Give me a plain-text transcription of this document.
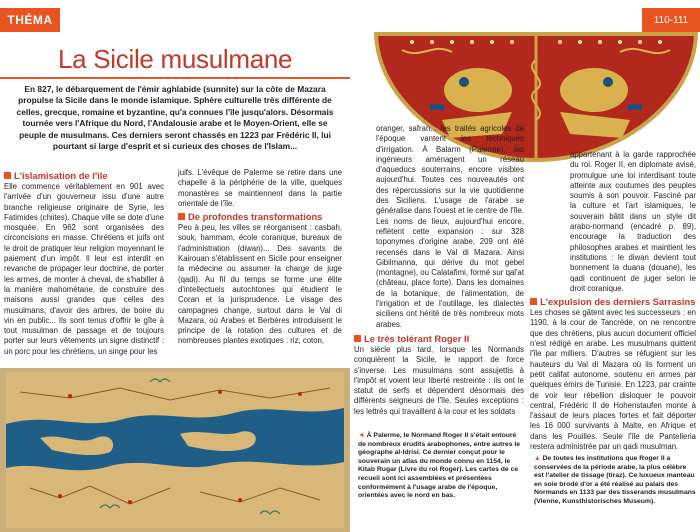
THÉMA
La Sicile musulmane

En 827, le débarquement de l'émir aghlabide (sunnite) sur la côte de Mazara propulse la Sicile dans le monde islamique. Sphère culturelle très différente de celles, grecque, romaine et byzantine, qu'a connues l'île jusqu'alors. Désormais tournée vers l'Afrique du Nord, l'Andalousie arabe et le Moyen-Orient, elle se peuple de musulmans. Ces derniers seront chassés en 1223 par Frédéric II, lui pourtant si large d'esprit et si curieux des choses de l'Islam...

L'islamisation de l'île

Elle commence véritablement en 901 avec l'arrivée d'un gouverneur issu d'une autre branche religieuse originaire de Syrie, les Fatimides (chiites). Chaque ville se dote d'une mosquée. En 962 sont organisées des circoncisions en masse. Chrétiens et juifs ont le droit de pratiquer leur religion moyennant le paiement d'un impôt. Il leur est interdit en revanche de propager leur doctrine, de porter les armes, de monter à cheval, de s'habiller à la manière mahométane, de construire des maisons aussi grandes que celles des musulmans, d'avoir des arbres, de boire du vin en public... Ils sont tenus d'offrir le gîte à tout musulman de passage et de toujours porter sur leurs vêtements un signe distinctif : un porc pour les chrétiens, un singe pour les

juifs. L'évêque de Palerme se retire dans une chapelle à la périphérie de la ville, quelques monastères se maintiennent dans la partie orientale de l'île.

De profondes transformations

Peu à peu, les villes se réorganisent : casbah, souk, hammam, école coranique, bureaux de l'administration (diwan)... Des savants de Kairouan s'établissent en Sicile pour enseigner la médecine ou assumer la charge de juge (qadi). Au fil du temps se forme une élite d'intellectuels autochtones qui étudient le Coran et la jurisprudence. Le visage des campagnes change, surtout dans le Val di Mazara, où Arabes et Berbères introduisent le principe de la rotation des cultures et de nombreuses plantes exotiques : riz, coton,

110-111

oranger, safran... les traités agricoles de l'époque vantent les techniques d'irrigation. À Balarm (Palerme), les ingénieurs aménagent un réseau d'aqueducs souterrains, encore visibles aujourd'hui. Toutes ces nouveautés ont des répercussions sur la vie quotidienne des Siciliens. L'usage de l'arabe se généralise dans l'ouest et le centre de l'île. Les noms de lieux, aujourd'hui encore, reflètent cette expansion : sur 328 toponymes d'origine arabe, 209 ont été recensés dans le Val di Mazara. Ainsi Gibilmanna, qui dérive du mot gebel (montagne), ou Calatafimi, formé sur qal'at (château, place forte). Dans les domaines de la botanique, de l'alimentation, de l'irrigation et de l'outillage, les dialectes siciliens ont hérité de très nombreux mots arabes.

Le très tolérant Roger II

Un siècle plus tard, lorsque les Normands conquièrent la Sicile, le rapport de force s'inverse. Les musulmans sont assujettis à l'impôt et voient leur liberté restreinte : ils ont le statut de serfs et dépendent désormais des différents seigneurs de l'île. Seules exceptions : les lettrés qui travaillent à la cour et les soldats

appartenant à la garde rapprochée du roi. Roger II, en diplomate avisé, promulgue une loi interdisant toute atteinte aux coutumes des peuples soumis à son pouvoir. Fasciné par la culture et l'art islamiques, le souverain bâtit dans un style dit arabo-normand (encadré p. 89), encourage la traduction des philosophes arabes et maintient les institutions : le diwan devient tout bonnement la duana (douane), les qadi continuent de juger selon le droit coranique.

L'expulsion des derniers Sarrasins

Les choses se gâtent avec les successeurs : en 1190, à la cour de Tancrède, on ne rencontre que des chrétiens, plus aucun document officiel n'est rédigé en arabe. Les musulmans quittent l'île par milliers. D'autres se réfugient sur les hauteurs du Val di Mazara où ils forment un petit califat autonome, soutenu en armes par quelques émirs de Tunisie. En 1223, par crainte de voir leur rébellion disloquer le pouvoir central, Frédéric II de Hohenstaufen monte à l'assaut de leurs places fortes et fait déporter les 16 000 survivants à Malte, en Afrique et dans les Pouilles. Seule l'île de Pantelleria restera administrée par un qadi musulman.

◄ À Palerme, le Normand Roger II s'était entouré de nombreux érudits arabophones, entre autres le géographe al-Idrisi. Ce dernier conçut pour le souverain un atlas du monde connu en 1154, le Kitab Rugar (Livre du roi Roger). Les cartes de ce recueil sont ici assemblées et présentées conformément à l'usage arabe de l'époque, orientées avec le nord en bas.
▲ De toutes les institutions que Roger II a conservées de la période arabe, la plus célèbre est l'atelier de tissage (tiraz). Ce luxueux manteau en soie brodé d'or a été réalisé au palais des Normands en 1133 par des tisserands musulmans (Vienne, Kunsthistorisches Museum).
